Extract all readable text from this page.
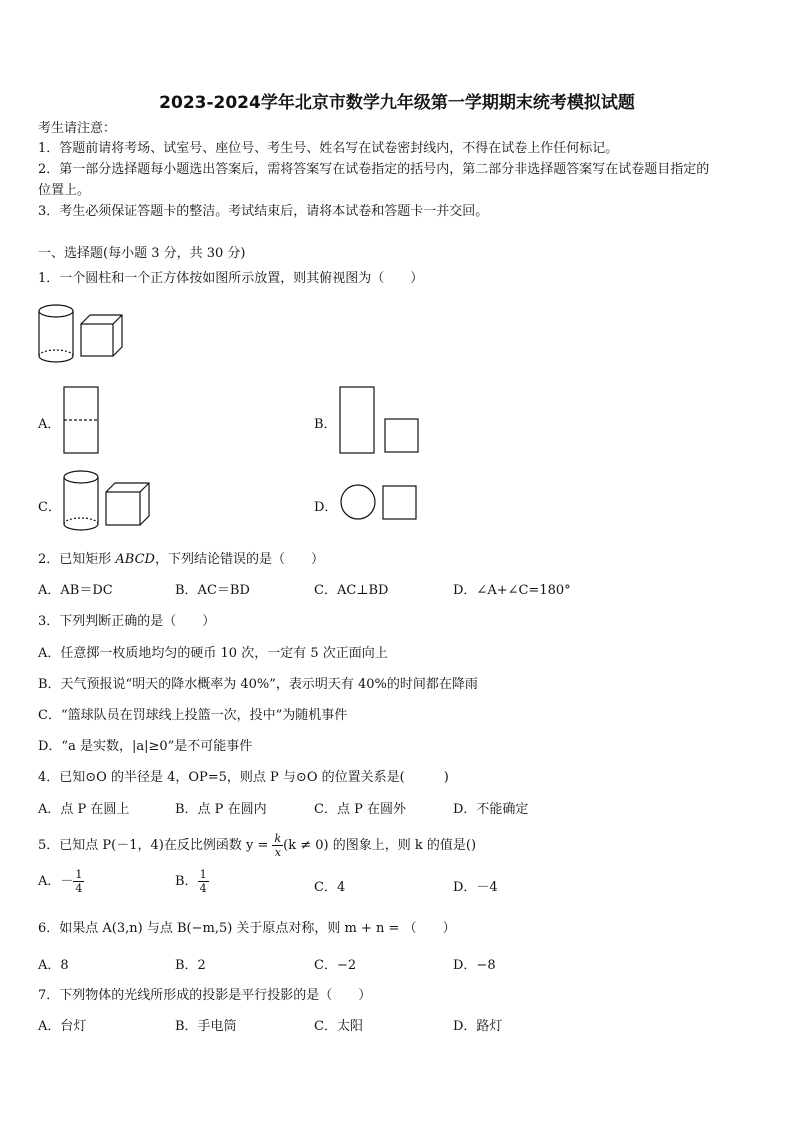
2023-2024学年北京市数学九年级第一学期期末统考模拟试题
考生请注意：
1．答题前请将考场、试室号、座位号、考生号、姓名写在试卷密封线内，不得在试卷上作任何标记。
2．第一部分选择题每小题选出答案后，需将答案写在试卷指定的括号内，第二部分非选择题答案写在试卷题目指定的
位置上。
3．考生必须保证答题卡的整洁。考试结束后，请将本试卷和答题卡一并交回。
一、选择题(每小题 3 分，共 30 分)
1．一个圆柱和一个正方体按如图所示放置，则其俯视图为（　　）
A．	B．
C．	D．
2．已知矩形 ABCD，下列结论错误的是（　　）
A．AB＝DC	B．AC＝BD	C．AC⊥BD	D．∠A+∠C=180°
3．下列判断正确的是（　　）
A．任意掷一枚质地均匀的硬币 10 次，一定有 5 次正面向上
B．天气预报说“明天的降水概率为 40%”，表示明天有 40%的时间都在降雨
C．“篮球队员在罚球线上投篮一次，投中”为随机事件
D．“a 是实数，|a|≥0”是不可能事件
4．已知⊙O 的半径是 4，OP=5，则点 P 与⊙O 的位置关系是(　　　)
A．点 P 在圆上	B．点 P 在圆内	C．点 P 在圆外	D．不能确定
5．已知点 P(－1，4)在反比例函数 $y = \frac{k}{x} (k \ne 0)$ 的图象上，则 k 的值是()
A．－ $\frac{1}{4}$	B． $\frac{1}{4}$	C．4	D．－4
6．如果点 A(3,n) 与点 B(−m,5) 关于原点对称，则 m + n = （　　）
A．8	B．2	C．−2	D．−8
7．下列物体的光线所形成的投影是平行投影的是（　　）
A．台灯	B．手电筒	C．太阳	D．路灯
